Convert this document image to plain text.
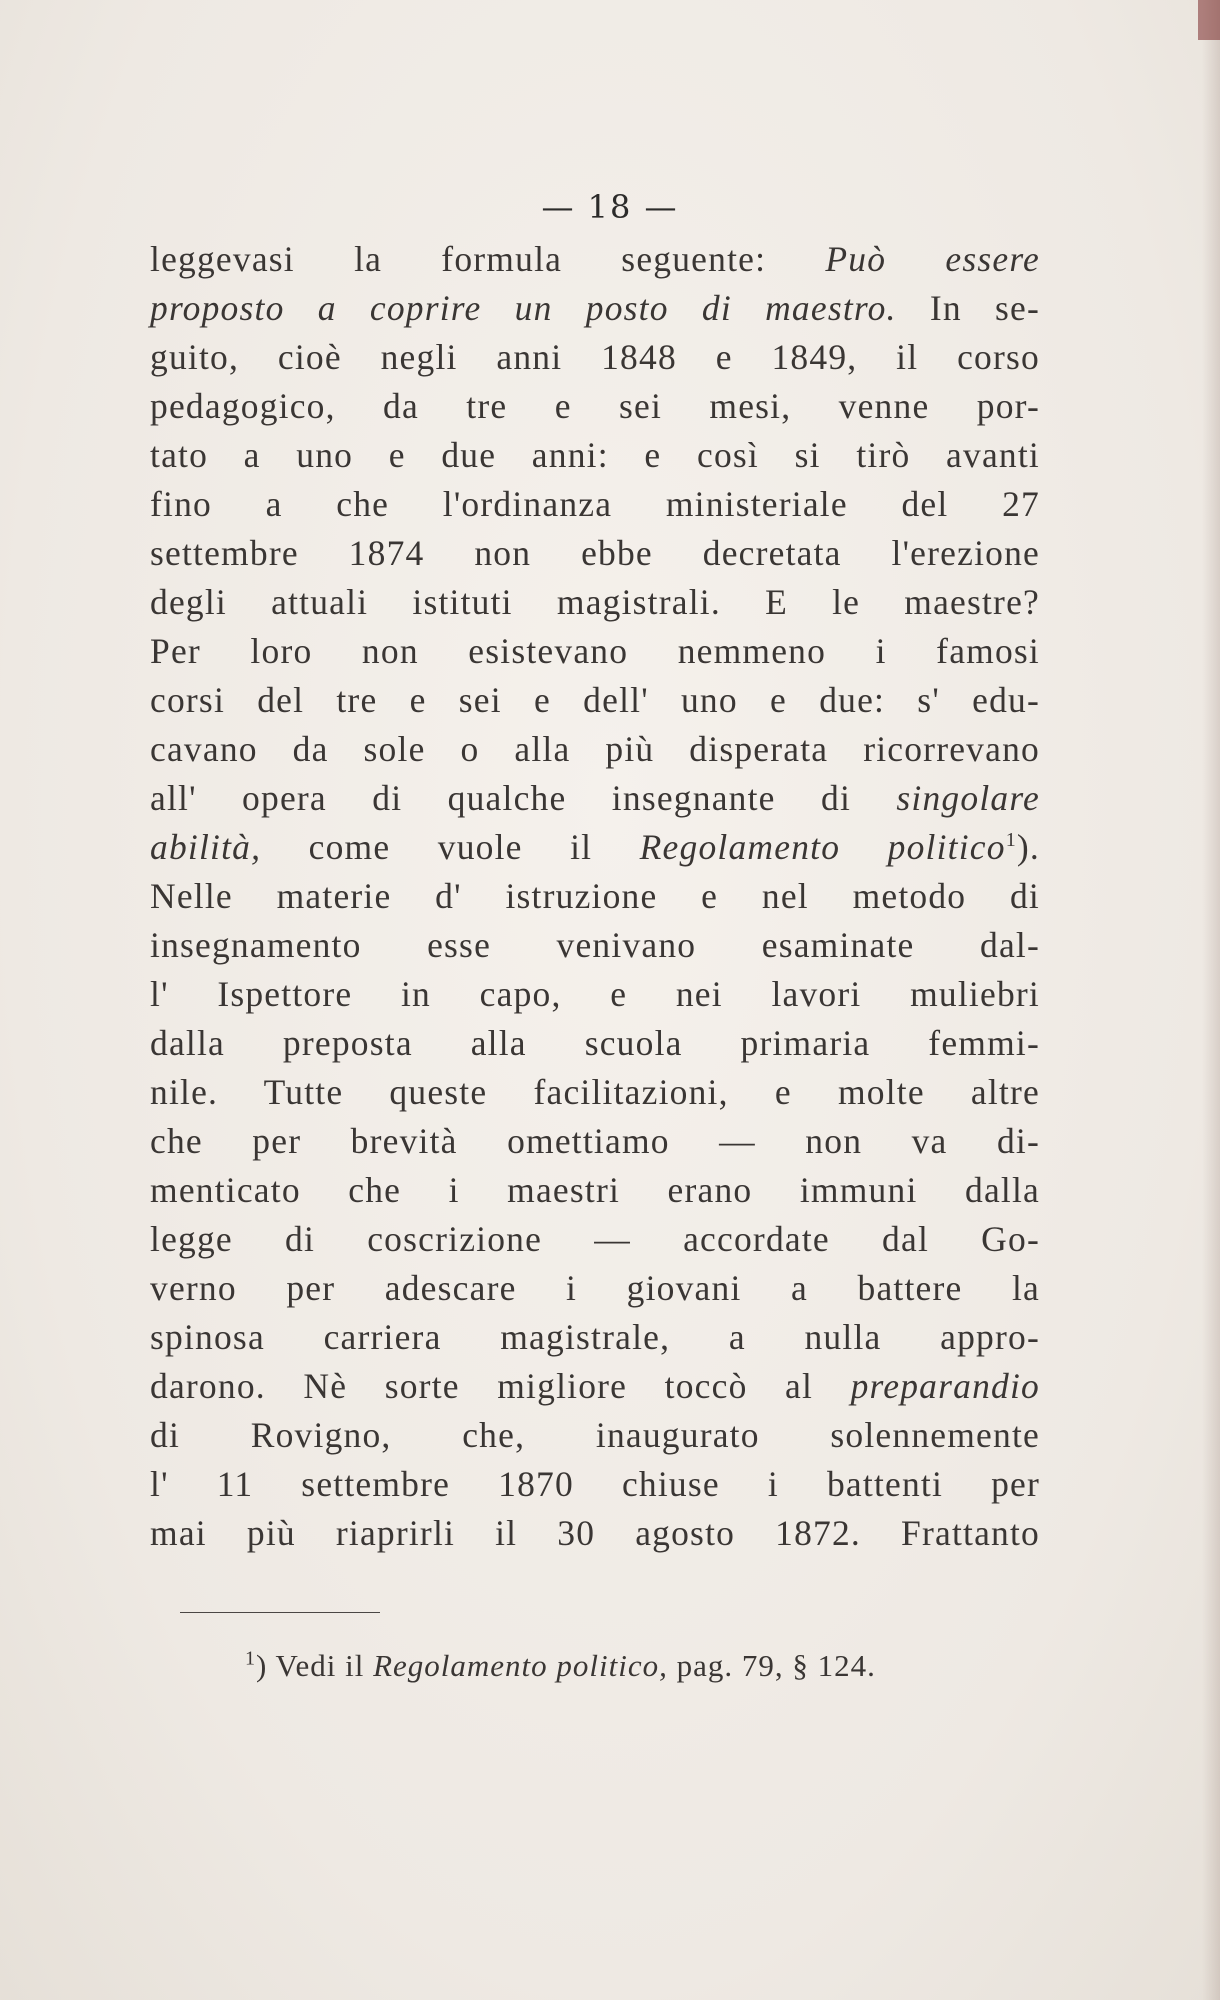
— 18 —
leggevasi la formula seguente: Può essere
proposto a coprire un posto di maestro. In se-
guito, cioè negli anni 1848 e 1849, il corso
pedagogico, da tre e sei mesi, venne por-
tato a uno e due anni: e così si tirò avanti
fino a che l'ordinanza ministeriale del 27
settembre 1874 non ebbe decretata l'erezione
degli attuali istituti magistrali. E le maestre?
Per loro non esistevano nemmeno i famosi
corsi del tre e sei e dell' uno e due: s' edu-
cavano da sole o alla più disperata ricorrevano
all' opera di qualche insegnante di singolare
abilità, come vuole il Regolamento politico$^1$).
Nelle materie d' istruzione e nel metodo di
insegnamento esse venivano esaminate dal-
l' Ispettore in capo, e nei lavori muliebri
dalla preposta alla scuola primaria femmi-
nile. Tutte queste facilitazioni, e molte altre
che per brevità omettiamo — non va di-
menticato che i maestri erano immuni dalla
legge di coscrizione — accordate dal Go-
verno per adescare i giovani a battere la
spinosa carriera magistrale, a nulla appro-
darono. Nè sorte migliore toccò al preparandio
di Rovigno, che, inaugurato solennemente
l' 11 settembre 1870 chiuse i battenti per
mai più riaprirli il 30 agosto 1872. Frattanto
$^1$) Vedi il Regolamento politico, pag. 79, § 124.
